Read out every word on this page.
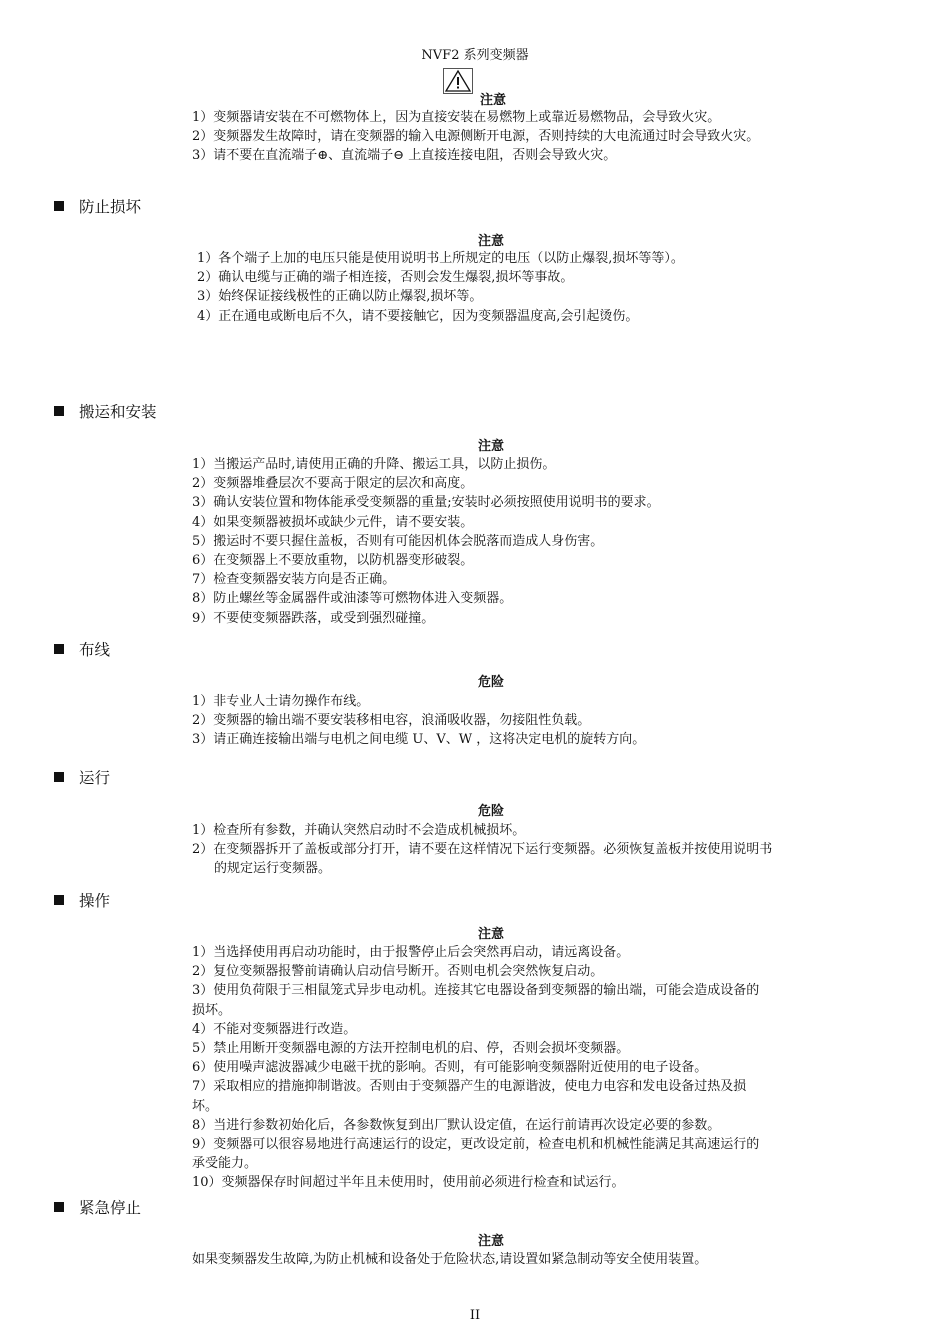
NVF2 系列变频器
注意
1）变频器请安装在不可燃物体上，因为直接安装在易燃物上或靠近易燃物品，会导致火灾。
2）变频器发生故障时，请在变频器的输入电源侧断开电源，否则持续的大电流通过时会导致火灾。
3）请不要在直流端子⊕、直流端子⊖ 上直接连接电阻，否则会导致火灾。
防止损坏
注意
1）各个端子上加的电压只能是使用说明书上所规定的电压（以防止爆裂,损坏等等）。
2）确认电缆与正确的端子相连接，否则会发生爆裂,损坏等事故。
3）始终保证接线极性的正确以防止爆裂,损坏等。
4）正在通电或断电后不久，请不要接触它，因为变频器温度高,会引起烫伤。
搬运和安装
注意
1）当搬运产品时,请使用正确的升降、搬运工具，以防止损伤。
2）变频器堆叠层次不要高于限定的层次和高度。
3）确认安装位置和物体能承受变频器的重量;安装时必须按照使用说明书的要求。
4）如果变频器被损坏或缺少元件，请不要安装。
5）搬运时不要只握住盖板，否则有可能因机体会脱落而造成人身伤害。
6）在变频器上不要放重物，以防机器变形破裂。
7）检查变频器安装方向是否正确。
8）防止螺丝等金属器件或油漆等可燃物体进入变频器。
9）不要使变频器跌落，或受到强烈碰撞。
布线
危险
1）非专业人士请勿操作布线。
2）变频器的输出端不要安装移相电容，浪涌吸收器，勿接阻性负载。
3）请正确连接输出端与电机之间电缆 U、V、W ，这将决定电机的旋转方向。
运行
危险
1）检查所有参数，并确认突然启动时不会造成机械损坏。
2）在变频器拆开了盖板或部分打开，请不要在这样情况下运行变频器。必须恢复盖板并按使用说明书的规定运行变频器。
操作
注意
1）当选择使用再启动功能时，由于报警停止后会突然再启动，请远离设备。
2）复位变频器报警前请确认启动信号断开。否则电机会突然恢复启动。
3）使用负荷限于三相鼠笼式异步电动机。连接其它电器设备到变频器的输出端，可能会造成设备的损坏。
4）不能对变频器进行改造。
5）禁止用断开变频器电源的方法开控制电机的启、停，否则会损坏变频器。
6）使用噪声滤波器减少电磁干扰的影响。否则，有可能影响变频器附近使用的电子设备。
7）采取相应的措施抑制谐波。否则由于变频器产生的电源谐波，使电力电容和发电设备过热及损坏。
8）当进行参数初始化后，各参数恢复到出厂默认设定值，在运行前请再次设定必要的参数。
9）变频器可以很容易地进行高速运行的设定，更改设定前，检查电机和机械性能满足其高速运行的承受能力。
10）变频器保存时间超过半年且未使用时，使用前必须进行检查和试运行。
紧急停止
注意
如果变频器发生故障,为防止机械和设备处于危险状态,请设置如紧急制动等安全使用装置。
II
